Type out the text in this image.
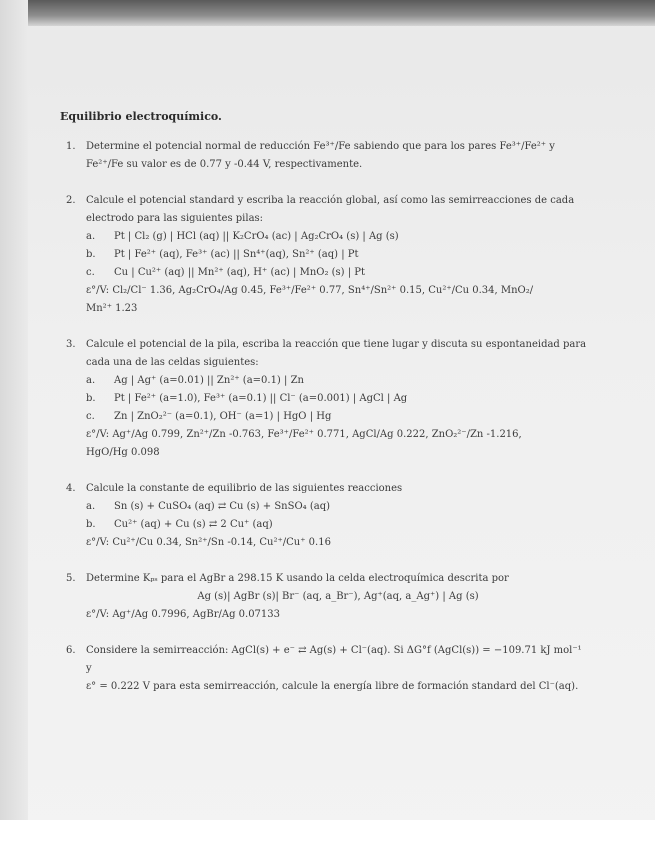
Equilibrio electroquímico.
1. Determine el potencial normal de reducción Fe³⁺/Fe sabiendo que para los pares Fe³⁺/Fe²⁺ y
Fe²⁺/Fe su valor es de 0.77 y -0.44 V, respectivamente.
2. Calcule el potencial standard y escriba la reacción global, así como las semirreacciones de cada
electrodo para las siguientes pilas:
a. Pt | Cl₂ (g) | HCl (aq) || K₂CrO₄ (ac) | Ag₂CrO₄ (s) | Ag (s)
b. Pt | Fe²⁺ (aq), Fe³⁺ (ac) || Sn⁴⁺(aq), Sn²⁺ (aq) | Pt
c. Cu | Cu²⁺ (aq) || Mn²⁺ (aq), H⁺ (ac) | MnO₂ (s) | Pt
ε°/V: Cl₂/Cl⁻ 1.36, Ag₂CrO₄/Ag 0.45, Fe³⁺/Fe²⁺ 0.77, Sn⁴⁺/Sn²⁺ 0.15, Cu²⁺/Cu 0.34, MnO₂/
Mn²⁺ 1.23
3. Calcule el potencial de la pila, escriba la reacción que tiene lugar y discuta su espontaneidad para
cada una de las celdas siguientes:
a. Ag | Ag⁺ (a=0.01) || Zn²⁺ (a=0.1) | Zn
b. Pt | Fe²⁺ (a=1.0), Fe³⁺ (a=0.1) || Cl⁻ (a=0.001) | AgCl | Ag
c. Zn | ZnO₂²⁻ (a=0.1), OH⁻ (a=1) | HgO | Hg
ε°/V: Ag⁺/Ag 0.799, Zn²⁺/Zn -0.763, Fe³⁺/Fe²⁺ 0.771, AgCl/Ag 0.222, ZnO₂²⁻/Zn -1.216,
HgO/Hg 0.098
4. Calcule la constante de equilibrio de las siguientes reacciones
a. Sn (s) + CuSO₄ (aq) ⇄ Cu (s) + SnSO₄ (aq)
b. Cu²⁺ (aq) + Cu (s) ⇄ 2 Cu⁺ (aq)
ε°/V: Cu²⁺/Cu 0.34, Sn²⁺/Sn -0.14, Cu²⁺/Cu⁺ 0.16
5. Determine Kₚₛ para el AgBr a 298.15 K usando la celda electroquímica descrita por
Ag (s)| AgBr (s)| Br⁻ (aq, a_Br⁻), Ag⁺(aq, a_Ag⁺) | Ag (s)
ε°/V: Ag⁺/Ag 0.7996, AgBr/Ag 0.07133
6. Considere la semirreacción: AgCl(s) + e⁻ ⇄ Ag(s) + Cl⁻(aq). Si ΔG°f (AgCl(s)) = −109.71 kJ mol⁻¹ y
ε° = 0.222 V para esta semirreacción, calcule la energía libre de formación standard del Cl⁻(aq).
